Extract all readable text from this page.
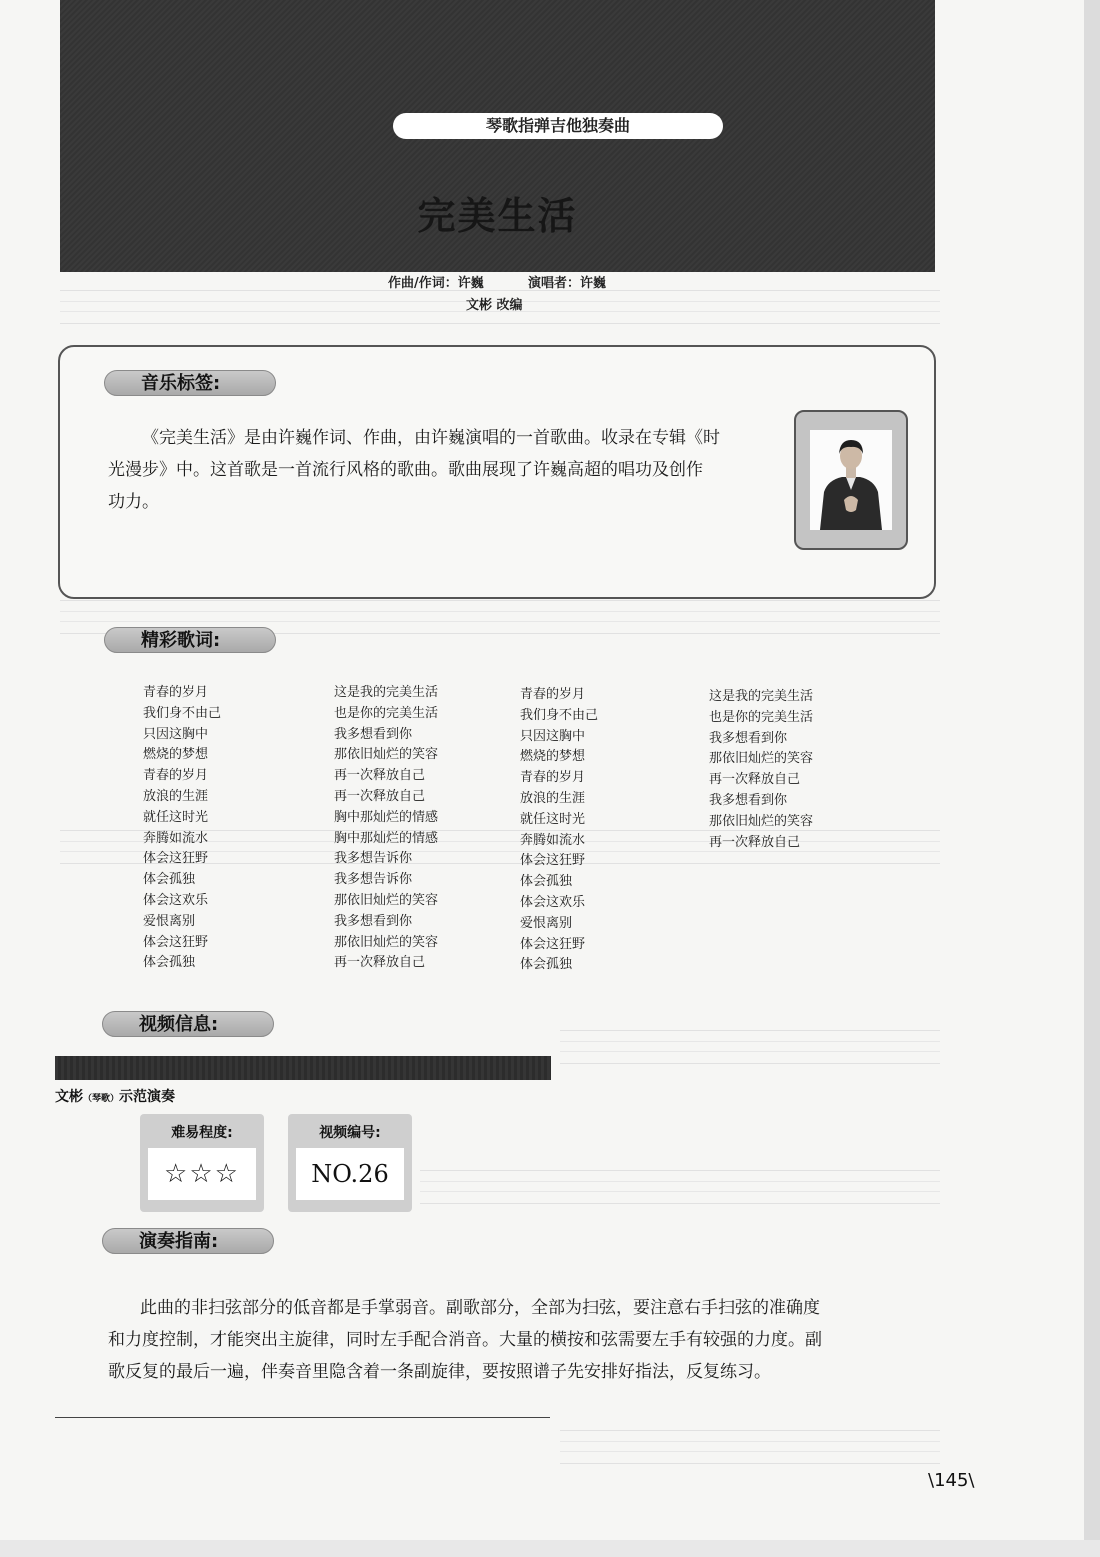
琴歌指弹吉他独奏曲
完美生活
作曲/作词：许巍	演唱者：许巍
文彬 改编
音乐标签:
《完美生活》是由许巍作词、作曲，由许巍演唱的一首歌曲。收录在专辑《时
光漫步》中。这首歌是一首流行风格的歌曲。歌曲展现了许巍高超的唱功及创作
功力。
精彩歌词:
青春的岁月
我们身不由己
只因这胸中
燃烧的梦想
青春的岁月
放浪的生涯
就任这时光
奔腾如流水
体会这狂野
体会孤独
体会这欢乐
爱恨离别
体会这狂野
体会孤独
这是我的完美生活
也是你的完美生活
我多想看到你
那依旧灿烂的笑容
再一次释放自己
再一次释放自己
胸中那灿烂的情感
胸中那灿烂的情感
我多想告诉你
我多想告诉你
那依旧灿烂的笑容
我多想看到你
那依旧灿烂的笑容
再一次释放自己
青春的岁月
我们身不由己
只因这胸中
燃烧的梦想
青春的岁月
放浪的生涯
就任这时光
奔腾如流水
体会这狂野
体会孤独
体会这欢乐
爱恨离别
体会这狂野
体会孤独
这是我的完美生活
也是你的完美生活
我多想看到你
那依旧灿烂的笑容
再一次释放自己
我多想看到你
那依旧灿烂的笑容
再一次释放自己
视频信息:
文彬（琴歌）示范演奏
难易程度:
☆☆☆
视频编号:
NO.26
演奏指南:
此曲的非扫弦部分的低音都是手掌弱音。副歌部分，全部为扫弦，要注意右手扫弦的准确度
和力度控制，才能突出主旋律，同时左手配合消音。大量的横按和弦需要左手有较强的力度。副
歌反复的最后一遍，伴奏音里隐含着一条副旋律，要按照谱子先安排好指法，反复练习。
\145\
